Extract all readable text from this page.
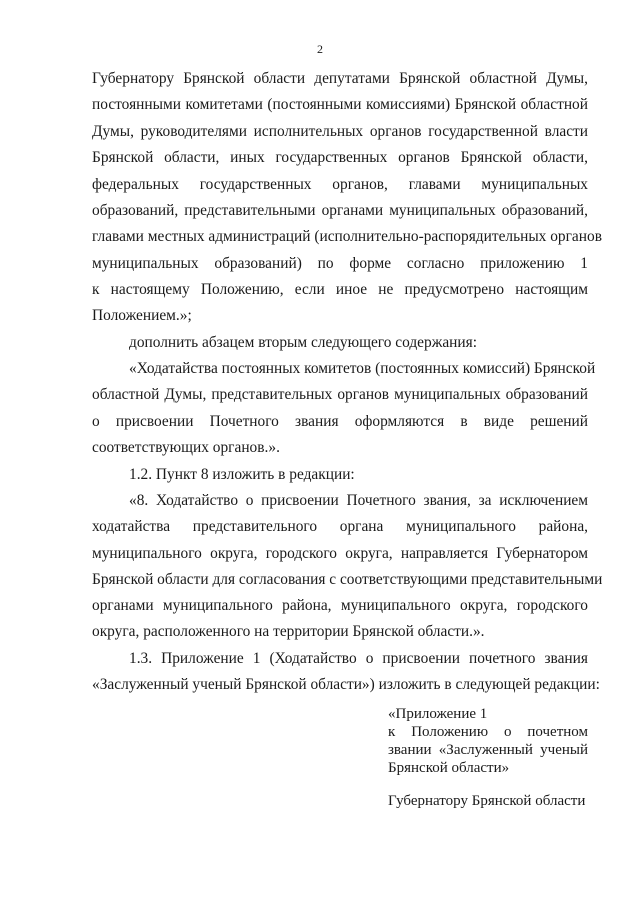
2
Губернатору Брянской области депутатами Брянской областной Думы,
постоянными комитетами (постоянными комиссиями) Брянской областной
Думы, руководителями исполнительных органов государственной власти
Брянской области, иных государственных органов Брянской области,
федеральных государственных органов, главами муниципальных
образований, представительными органами муниципальных образований,
главами местных администраций (исполнительно-распорядительных органов
муниципальных образований) по форме согласно приложению 1
к настоящему Положению, если иное не предусмотрено настоящим
Положением.»;
дополнить абзацем вторым следующего содержания:
«Ходатайства постоянных комитетов (постоянных комиссий) Брянской
областной Думы, представительных органов муниципальных образований
о присвоении Почетного звания оформляются в виде решений
соответствующих органов.».
1.2. Пункт 8 изложить в редакции:
«8. Ходатайство о присвоении Почетного звания, за исключением
ходатайства представительного органа муниципального района,
муниципального округа, городского округа, направляется Губернатором
Брянской области для согласования с соответствующими представительными
органами муниципального района, муниципального округа, городского
округа, расположенного на территории Брянской области.».
1.3. Приложение 1 (Ходатайство о присвоении почетного звания
«Заслуженный ученый Брянской области») изложить в следующей редакции:
«Приложение 1
к Положению о почетном
звании «Заслуженный ученый
Брянской области»
Губернатору Брянской области
